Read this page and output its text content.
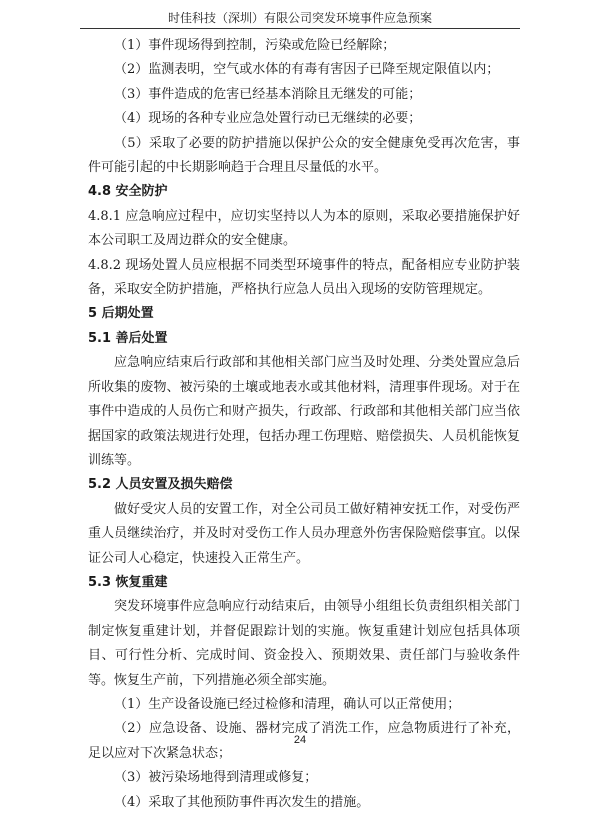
时佳科技（深圳）有限公司突发环境事件应急预案

（1）事件现场得到控制，污染或危险已经解除；

（2）监测表明，空气或水体的有毒有害因子已降至规定限值以内；

（3）事件造成的危害已经基本消除且无继发的可能；

（4）现场的各种专业应急处置行动已无继续的必要；

（5）采取了必要的防护措施以保护公众的安全健康免受再次危害，事件可能引起的中长期影响趋于合理且尽量低的水平。

4.8 安全防护

4.8.1 应急响应过程中，应切实坚持以人为本的原则，采取必要措施保护好本公司职工及周边群众的安全健康。

4.8.2 现场处置人员应根据不同类型环境事件的特点，配备相应专业防护装备，采取安全防护措施，严格执行应急人员出入现场的安防管理规定。

5 后期处置

5.1 善后处置

应急响应结束后行政部和其他相关部门应当及时处理、分类处置应急后所收集的废物、被污染的土壤或地表水或其他材料，清理事件现场。对于在事件中造成的人员伤亡和财产损失，行政部、行政部和其他相关部门应当依据国家的政策法规进行处理，包括办理工伤理赔、赔偿损失、人员机能恢复训练等。

5.2 人员安置及损失赔偿

做好受灾人员的安置工作，对全公司员工做好精神安抚工作，对受伤严重人员继续治疗，并及时对受伤工作人员办理意外伤害保险赔偿事宜。以保证公司人心稳定，快速投入正常生产。

5.3 恢复重建

突发环境事件应急响应行动结束后，由领导小组组长负责组织相关部门制定恢复重建计划，并督促跟踪计划的实施。恢复重建计划应包括具体项目、可行性分析、完成时间、资金投入、预期效果、责任部门与验收条件等。恢复生产前，下列措施必须全部实施。

（1）生产设备设施已经过检修和清理，确认可以正常使用；

（2）应急设备、设施、器材完成了消洗工作，应急物质进行了补充，足以应对下次紧急状态；

（3）被污染场地得到清理或修复；

（4）采取了其他预防事件再次发生的措施。

24
